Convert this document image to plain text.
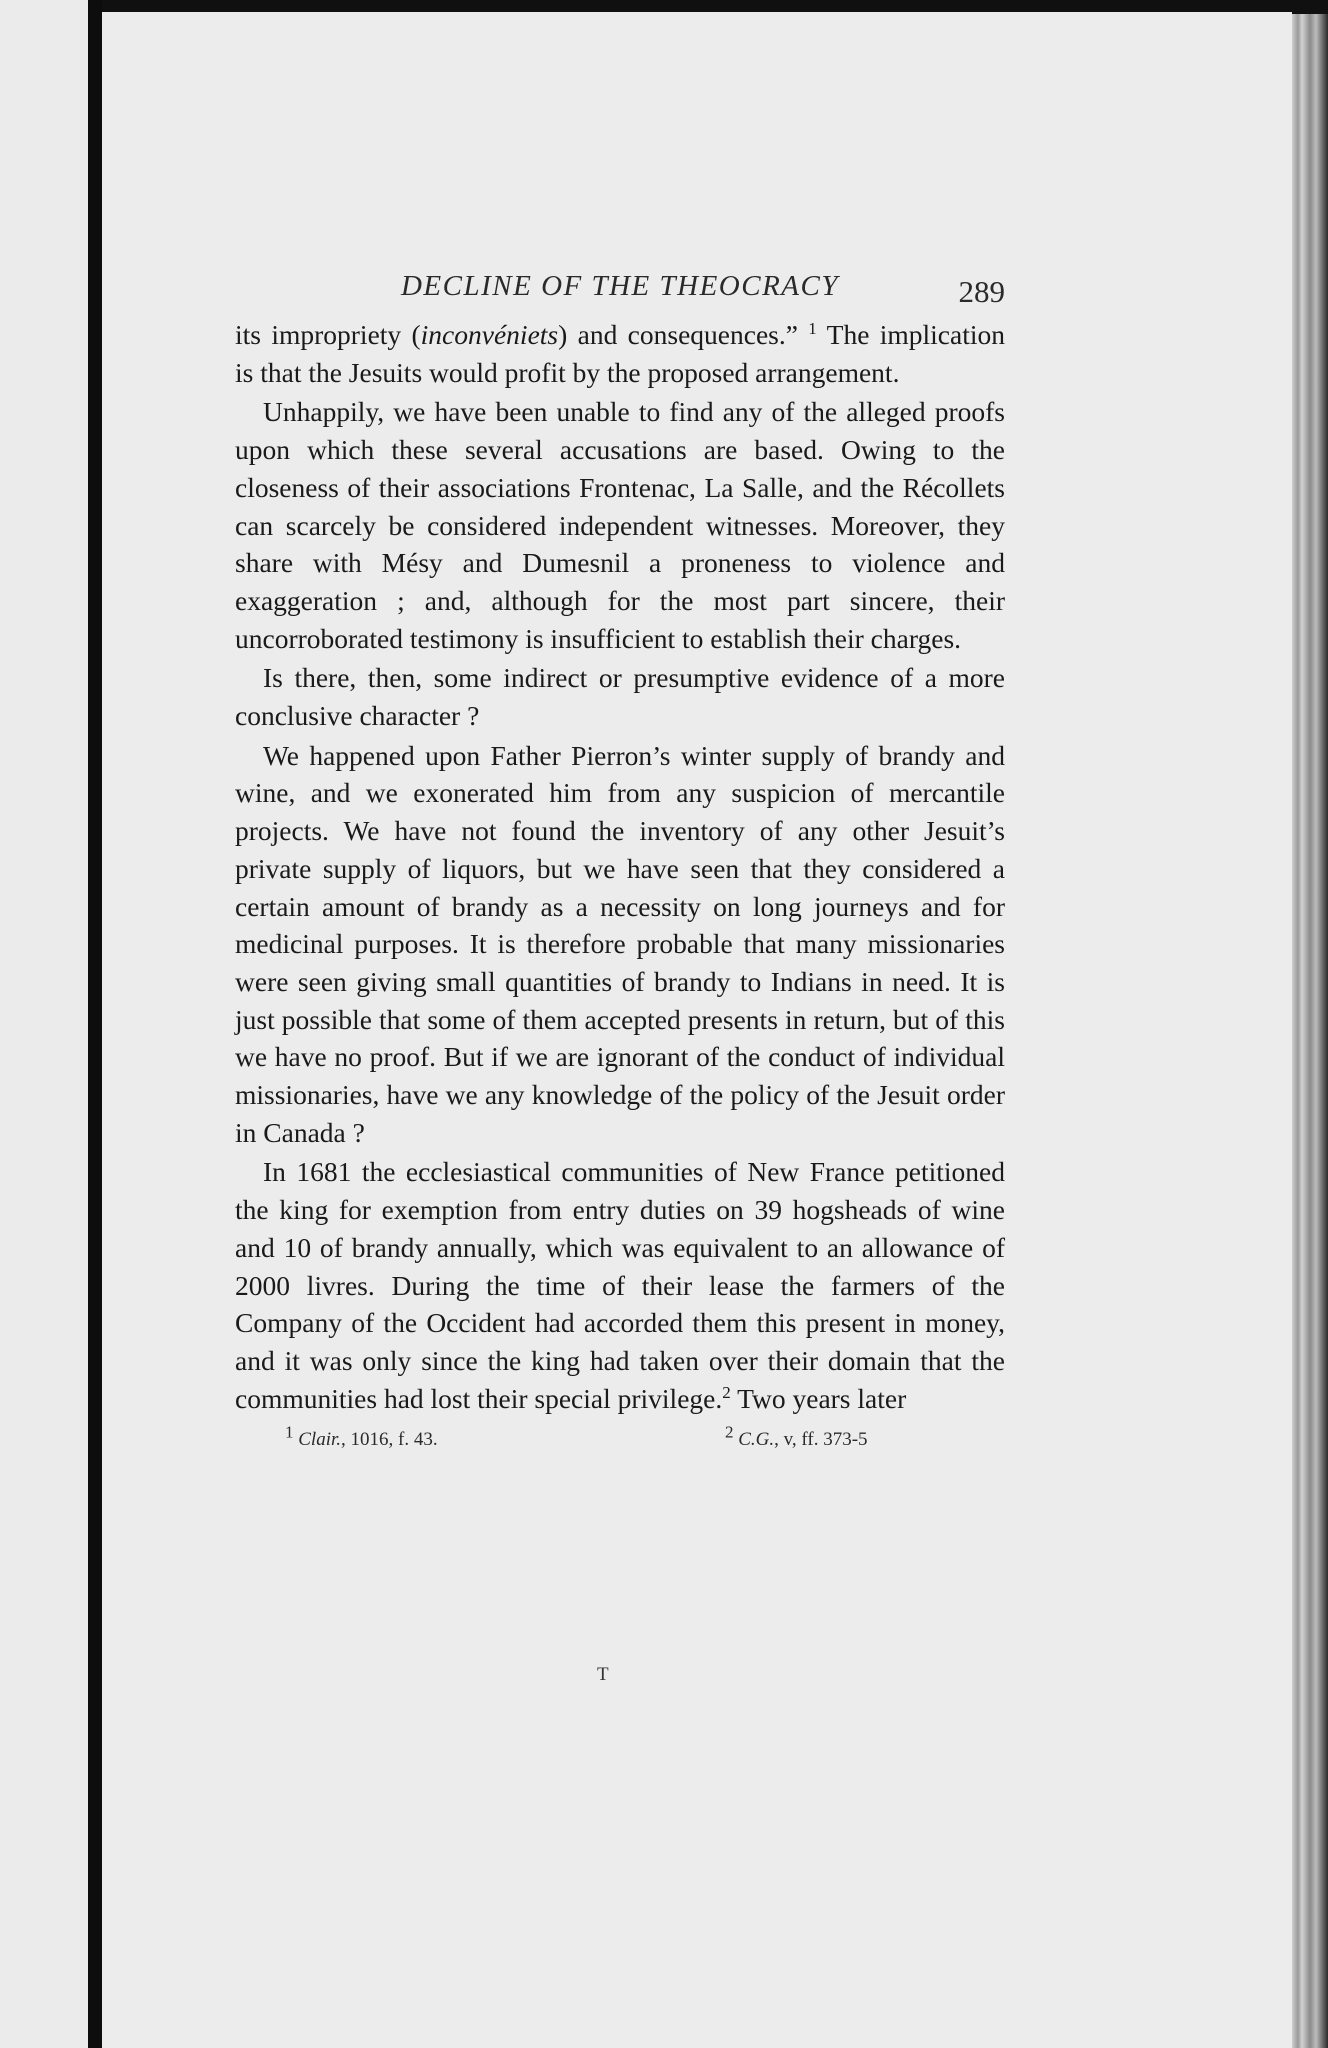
DECLINE OF THE THEOCRACY	289

its impropriety (inconvéniets) and consequences.” $^1$ The implication is that the Jesuits would profit by the proposed arrangement.

Unhappily, we have been unable to find any of the alleged proofs upon which these several accusations are based. Owing to the closeness of their associations Frontenac, La Salle, and the Récollets can scarcely be considered independent witnesses. Moreover, they share with Mésy and Dumesnil a proneness to violence and exaggeration ; and, although for the most part sincere, their uncorroborated testimony is insufficient to establish their charges.

Is there, then, some indirect or presumptive evidence of a more conclusive character ?

We happened upon Father Pierron’s winter supply of brandy and wine, and we exonerated him from any suspicion of mercantile projects. We have not found the inventory of any other Jesuit’s private supply of liquors, but we have seen that they considered a certain amount of brandy as a necessity on long journeys and for medicinal purposes. It is therefore probable that many missionaries were seen giving small quantities of brandy to Indians in need. It is just possible that some of them accepted presents in return, but of this we have no proof. But if we are ignorant of the conduct of individual missionaries, have we any knowledge of the policy of the Jesuit order in Canada ?

In 1681 the ecclesiastical communities of New France petitioned the king for exemption from entry duties on 39 hogsheads of wine and 10 of brandy annually, which was equivalent to an allowance of 2000 livres. During the time of their lease the farmers of the Company of the Occident had accorded them this present in money, and it was only since the king had taken over their domain that the communities had lost their special privilege.$^2$ Two years later

1 Clair., 1016, f. 43.	2 C.G., v, ff. 373-5
T
